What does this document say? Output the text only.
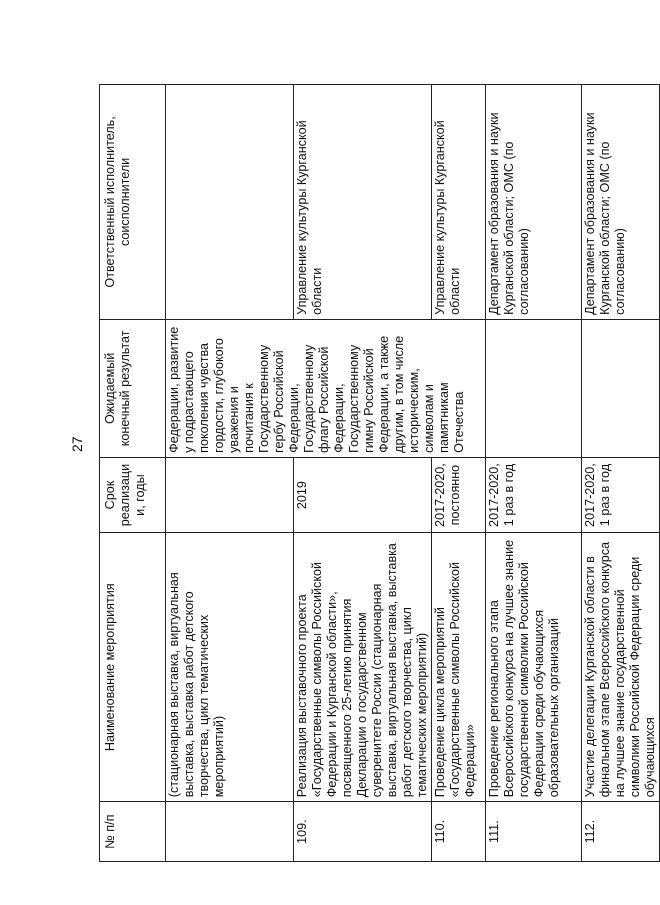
27
№ п/п	Наименование мероприятия	Срок реализации, годы	Ожидаемый конечный результат	Ответственный исполнитель, соисполнители
	(стационарная выставка, виртуальная выставка, выставка работ детского творчества, цикл тематических мероприятий)		Федерации, развитие у подрастающего поколения чувства гордости, глубокого уважения и почитания к Государственному гербу Российской Федерации, Государственному флагу Российской Федерации, Государственному гимну Российской Федерации, а также другим, в том числе историческим, символам и памятникам Отечества	
109.	Реализация выставочного проекта «Государственные символы Российской Федерации и Курганской области», посвященного 25-летию принятия Декларации о государственном суверенитете России (стационарная выставка, виртуальная выставка, выставка работ детского творчества, цикл тематических мероприятий)	2019		Управление культуры Курганской области
110.	Проведение цикла мероприятий «Государственные символы Российской Федерации»	2017-2020, постоянно		Управление культуры Курганской области
111.	Проведение регионального этапа Всероссийского конкурса на лучшее знание государственной символики Российской Федерации среди обучающихся образовательных организаций	2017-2020, 1 раз в год		Департамент образования и науки Курганской области; ОМС (по согласованию)
112.	Участие делегации Курганской области в финальном этапе Всероссийского конкурса на лучшее знание государственной символики Российской Федерации среди обучающихся	2017-2020, 1 раз в год		Департамент образования и науки Курганской области; ОМС (по согласованию)
